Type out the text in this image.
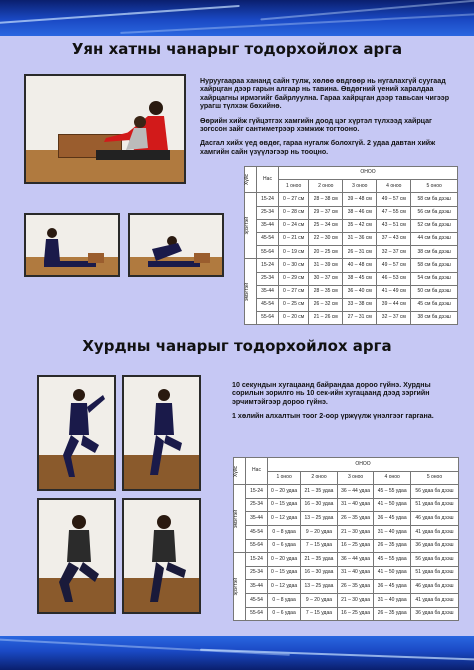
Уян хатны чанарыг тодорхойлох арга

Нуруугаараа хананд сайн тулж, хөлөө өвдгөөр нь нугалахгүй суугаад хайрцган дээр гарын алгаар нь тавина. Өвдөгний үений харалдаа хайрцагны ирмэгийг байрлуулна. Гараа хайрцган дээр тавьсан чигээр урагш түлхэж бөхийнө.

Өөрийн хийж гүйцэтгэх хамгийн доод цэг хүртэл түлхээд хайрцаг зогссон зайг сантиметрээр хэмжиж тогтооно.

Дасгал хийх үед өвдөг, гараа нугалж болохгүй. 2 удаа давтан хийж хамгийн сайн үзүүлэгээр нь тооцно.

Хүйс	Нас	ОНОО				
		1 оноо	2 оноо	3 оноо	4 оноо	5 оноо

эрэгтэй	15-24	0 – 27 см	28 – 38 см	39 – 48 см	49 – 57 см	58 см ба дээш
	25-34	0 – 28 см	29 – 37 см	38 – 46 см	47 – 55 см	56 см ба дээш
	35-44	0 – 24 см	25 – 34 см	35 – 42 см	43 – 51 см	52 см ба дээш
	45-54	0 – 21 см	22 – 30 см	31 – 36 см	37 – 43 см	44 см ба дээш
	55-64	0 – 19 см	20 – 25 см	26 – 31 см	32 – 37 см	38 см ба дээш

эмэгтэй	15-24	0 – 30 см	31 – 39 см	40 – 48 см	49 – 57 см	58 см ба дээш
	25-34	0 – 29 см	30 – 37 см	38 – 45 см	46 – 53 см	54 см ба дээш
	35-44	0 – 27 см	28 – 35 см	36 – 40 см	41 – 49 см	50 см ба дээш
	45-54	0 – 25 см	26 – 32 см	33 – 38 см	39 – 44 см	45 см ба дээш
	55-64	0 – 20 см	21 – 26 см	27 – 31 см	32 – 37 см	38 см ба дээш
Хурдны чанарыг тодорхойлох арга

10 секундын хугацаанд байрандаа дороо гүйнэ. Хурдны сорилын зорилго нь 10 сек-ийн хугацаанд дээд зэргийн эрчимтэйгээр дороо гүйнэ.

1 хөлийн алхалтын тоог 2-оор үржүүлж үнэлгээг гаргана.

Хүйс	Нас	ОНОО				
		1 оноо	2 оноо	3 оноо	4 оноо	5 оноо

эмэгтэй	15-24	0 – 20 удаа	21 – 35 удаа	36 – 44 удаа	45 – 55 удаа	56 удаа ба дээш
	25-34	0 – 15 удаа	16 – 30 удаа	31 – 40 удаа	41 – 50 удаа	51 удаа ба дээш
	35-44	0 – 12 удаа	13 – 25 удаа	26 – 35 удаа	36 – 45 удаа	46 удаа ба дээш
	45-54	0 – 8 удаа	9 – 20 удаа	21 – 30 удаа	31 – 40 удаа	41 удаа ба дээш
	55-64	0 – 6 удаа	7 – 15 удаа	16 – 25 удаа	26 – 35 удаа	36 удаа ба дээш

эрэгтэй	15-24	0 – 20 удаа	21 – 35 удаа	36 – 44 удаа	45 – 55 удаа	56 удаа ба дээш
	25-34	0 – 15 удаа	16 – 30 удаа	31 – 40 удаа	41 – 50 удаа	51 удаа ба дээш
	35-44	0 – 12 удаа	13 – 25 удаа	26 – 35 удаа	36 – 45 удаа	46 удаа ба дээш
	45-54	0 – 8 удаа	9 – 20 удаа	21 – 30 удаа	31 – 40 удаа	41 удаа ба дээш
	55-64	0 – 6 удаа	7 – 15 удаа	16 – 25 удаа	26 – 35 удаа	36 удаа ба дээш
